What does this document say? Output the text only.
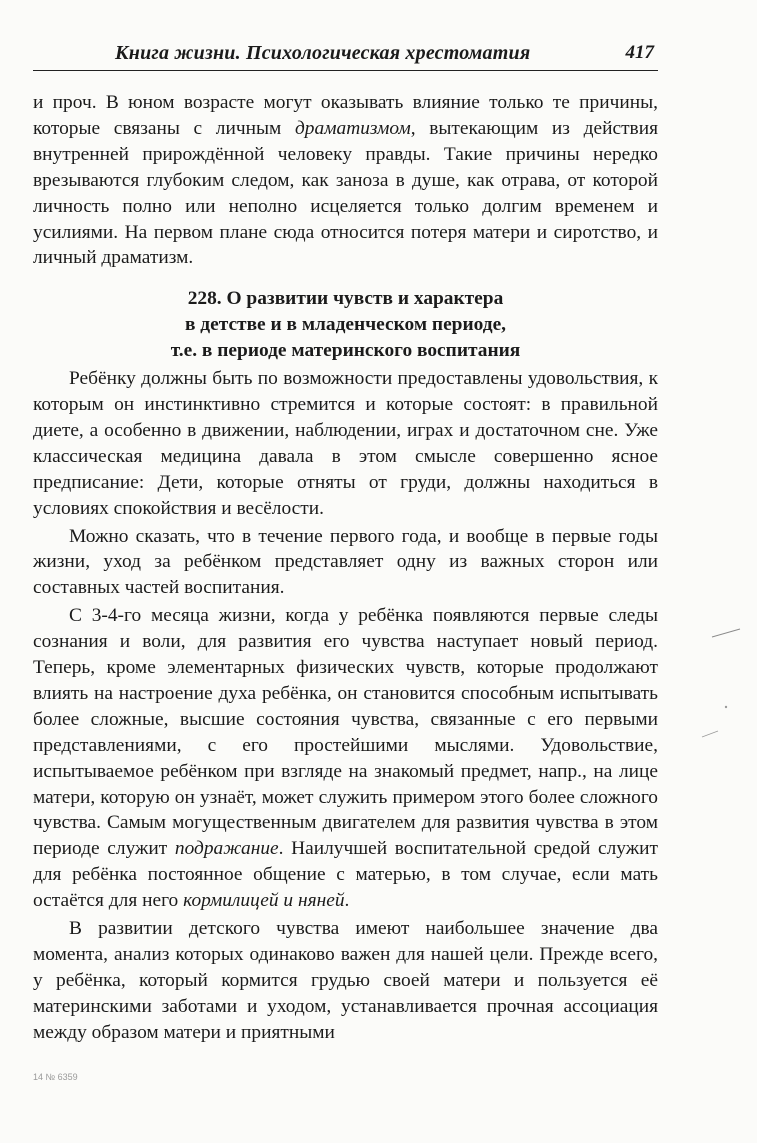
Книга жизни. Психологическая хрестоматия	417

и проч. В юном возрасте могут оказывать влияние только те причины, которые связаны с личным драматизмом, вытекающим из действия внутренней прирождённой человеку правды. Такие причины нередко врезываются глубоким следом, как заноза в душе, как отрава, от которой личность полно или неполно исцеляется только долгим временем и усилиями. На первом плане сюда относится потеря матери и сиротство, и личный драматизм.

228. О развитии чувств и характера
в детстве и в младенческом периоде,
т.е. в периоде материнского воспитания

Ребёнку должны быть по возможности предоставлены удовольствия, к которым он инстинктивно стремится и которые состоят: в правильной диете, а особенно в движении, наблюдении, играх и достаточном сне. Уже классическая медицина давала в этом смысле совершенно ясное предписание: Дети, которые отняты от груди, должны находиться в условиях спокойствия и весёлости.

Можно сказать, что в течение первого года, и вообще в первые годы жизни, уход за ребёнком представляет одну из важных сторон или составных частей воспитания.

С 3-4-го месяца жизни, когда у ребёнка появляются первые следы сознания и воли, для развития его чувства наступает новый период. Теперь, кроме элементарных физических чувств, которые продолжают влиять на настроение духа ребёнка, он становится способным испытывать более сложные, высшие состояния чувства, связанные с его первыми представлениями, с его простейшими мыслями. Удовольствие, испытываемое ребёнком при взгляде на знакомый предмет, напр., на лице матери, которую он узнаёт, может служить примером этого более сложного чувства. Самым могущественным двигателем для развития чувства в этом периоде служит подражание. Наилучшей воспитательной средой служит для ребёнка постоянное общение с матерью, в том случае, если мать остаётся для него кормилицей и няней.

В развитии детского чувства имеют наибольшее значение два момента, анализ которых одинаково важен для нашей цели. Прежде всего, у ребёнка, который кормится грудью своей матери и пользуется её материнскими заботами и уходом, устанавливается прочная ассоциация между образом матери и приятными

14 № 6359
